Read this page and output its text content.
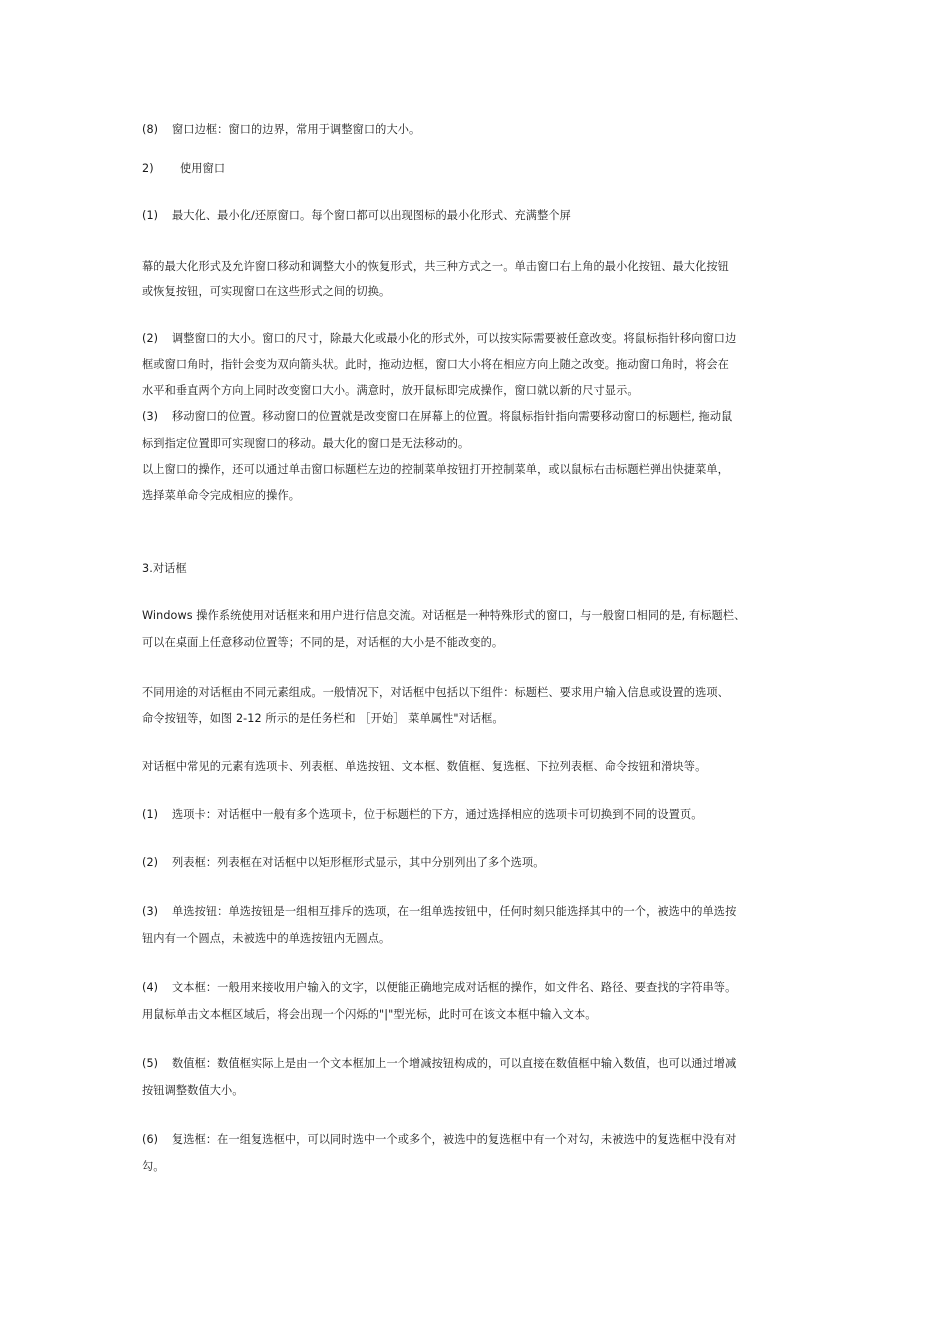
(8) 窗口边框：窗口的边界，常用于调整窗口的大小。

2) 使用窗口

(1) 最大化、最小化/还原窗口。每个窗口都可以出现图标的最小化形式、充满整个屏

幕的最大化形式及允许窗口移动和调整大小的恢复形式，共三种方式之一。单击窗口右上角的最小化按钮、最大化按钮

或恢复按钮，可实现窗口在这些形式之间的切换。

(2) 调整窗口的大小。窗口的尺寸，除最大化或最小化的形式外，可以按实际需要被任意改变。将鼠标指针移向窗口边

框或窗口角时，指针会变为双向箭头状。此时，拖动边框，窗口大小将在相应方向上随之改变。拖动窗口角时，将会在

水平和垂直两个方向上同时改变窗口大小。满意时，放开鼠标即完成操作，窗口就以新的尺寸显示。

(3) 移动窗口的位置。移动窗口的位置就是改变窗口在屏幕上的位置。将鼠标指针指向需要移动窗口的标题栏, 拖动鼠

标到指定位置即可实现窗口的移动。最大化的窗口是无法移动的。

以上窗口的操作，还可以通过单击窗口标题栏左边的控制菜单按钮打开控制菜单，或以鼠标右击标题栏弹出快捷菜单，

选择菜单命令完成相应的操作。

3.对话框

Windows 操作系统使用对话框来和用户进行信息交流。对话框是一种特殊形式的窗口，与一般窗口相同的是, 有标题栏、

可以在桌面上任意移动位置等；不同的是，对话框的大小是不能改变的。

不同用途的对话框由不同元素组成。一般情况下，对话框中包括以下组件：标题栏、要求用户输入信息或设置的选项、

命令按钮等，如图 2-12 所示的是任务栏和 ［开始］ 菜单属性"对话框。

对话框中常见的元素有选项卡、列表框、单选按钮、文本框、数值框、复选框、下拉列表框、命令按钮和滑块等。

(1) 选项卡：对话框中一般有多个选项卡，位于标题栏的下方，通过选择相应的选项卡可切换到不同的设置页。

(2) 列表框：列表框在对话框中以矩形框形式显示，其中分别列出了多个选项。

(3) 单选按钮：单选按钮是一组相互排斥的选项，在一组单选按钮中，任何时刻只能选择其中的一个，被选中的单选按

钮内有一个圆点，未被选中的单选按钮内无圆点。

(4) 文本框：一般用来接收用户输入的文字，以便能正确地完成对话框的操作，如文件名、路径、要查找的字符串等。

用鼠标单击文本框区域后，将会出现一个闪烁的"|"型光标，此时可在该文本框中输入文本。

(5) 数值框：数值框实际上是由一个文本框加上一个增减按钮构成的，可以直接在数值框中输入数值，也可以通过增减

按钮调整数值大小。

(6) 复选框：在一组复选框中，可以同时选中一个或多个，被选中的复选框中有一个对勾，未被选中的复选框中没有对

勾。
